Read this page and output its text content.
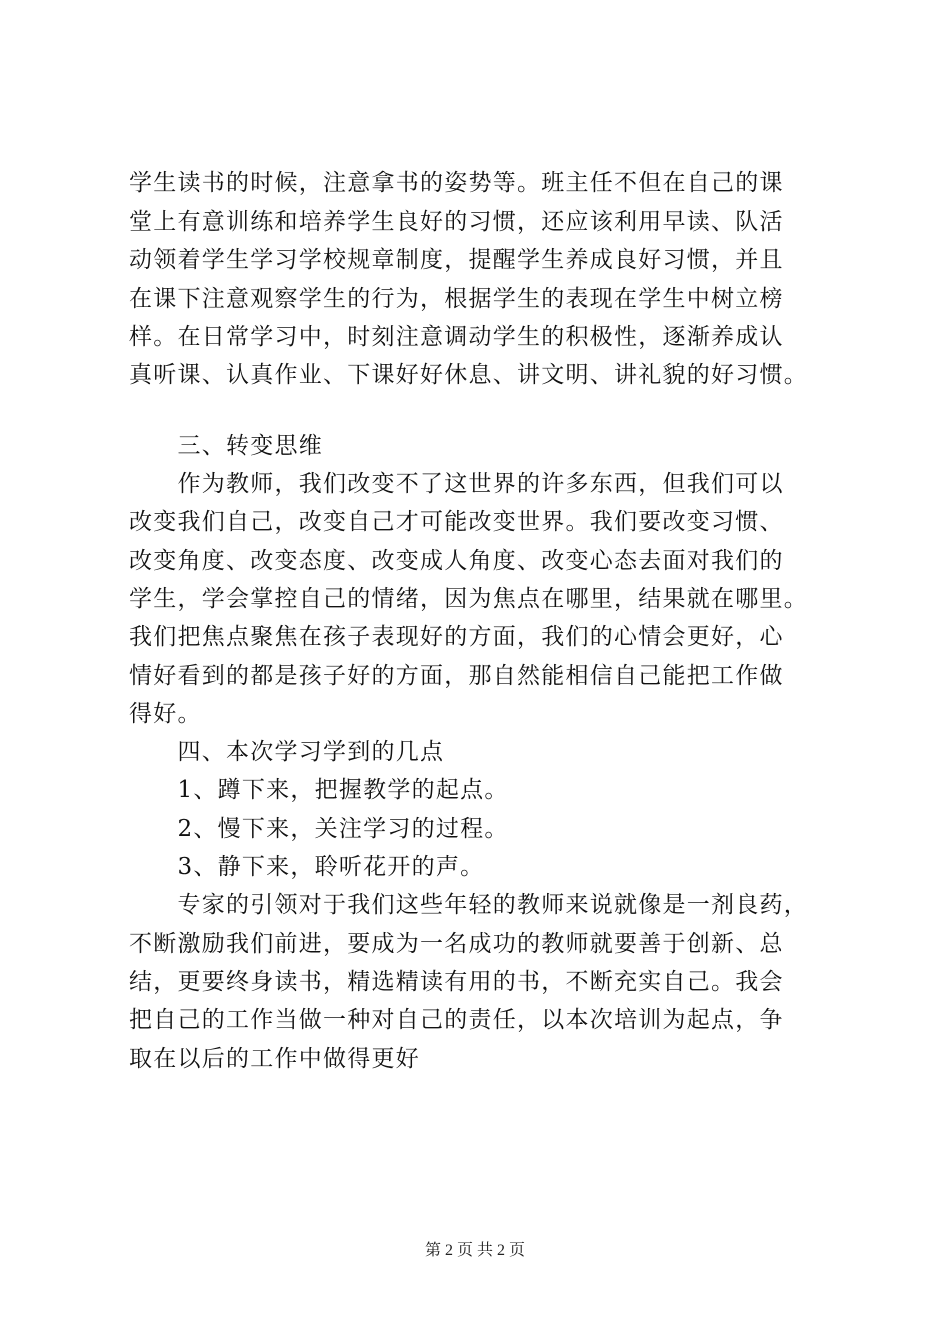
学生读书的时候，注意拿书的姿势等。班主任不但在自己的课
堂上有意训练和培养学生良好的习惯，还应该利用早读、队活
动领着学生学习学校规章制度，提醒学生养成良好习惯，并且
在课下注意观察学生的行为，根据学生的表现在学生中树立榜
样。在日常学习中，时刻注意调动学生的积极性，逐渐养成认
真听课、认真作业、下课好好休息、讲文明、讲礼貌的好习惯。
　　三、转变思维
　　作为教师，我们改变不了这世界的许多东西，但我们可以
改变我们自己，改变自己才可能改变世界。我们要改变习惯、
改变角度、改变态度、改变成人角度、改变心态去面对我们的
学生，学会掌控自己的情绪，因为焦点在哪里，结果就在哪里。
我们把焦点聚焦在孩子表现好的方面，我们的心情会更好，心
情好看到的都是孩子好的方面，那自然能相信自己能把工作做
得好。
　　四、本次学习学到的几点
　　1、蹲下来，把握教学的起点。
　　2、慢下来，关注学习的过程。
　　3、静下来，聆听花开的声。
　　专家的引领对于我们这些年轻的教师来说就像是一剂良药，
不断激励我们前进，要成为一名成功的教师就要善于创新、总
结，更要终身读书，精选精读有用的书，不断充实自己。我会
把自己的工作当做一种对自己的责任，以本次培训为起点，争
取在以后的工作中做得更好
第 2 页 共 2 页
